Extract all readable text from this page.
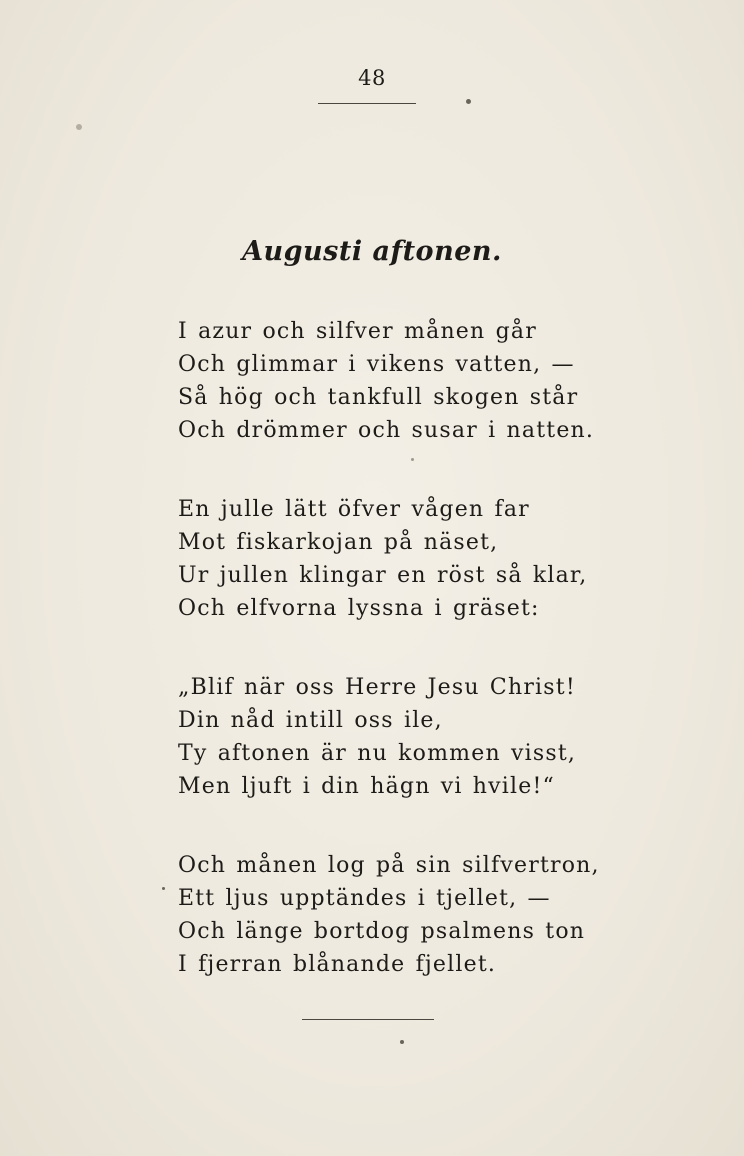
48
Augusti aftonen.
I azur och silfver månen går
Och glimmar i vikens vatten, —
Så hög och tankfull skogen står
Och drömmer och susar i natten.
En julle lätt öfver vågen far
Mot fiskarkojan på näset,
Ur jullen klingar en röst så klar,
Och elfvorna lyssna i gräset:
„Blif när oss Herre Jesu Christ!
Din nåd intill oss ile,
Ty aftonen är nu kommen visst,
Men ljuft i din hägn vi hvile!“
Och månen log på sin silfvertron,
Ett ljus upptändes i tjellet, —
Och länge bortdog psalmens ton
I fjerran blånande fjellet.
